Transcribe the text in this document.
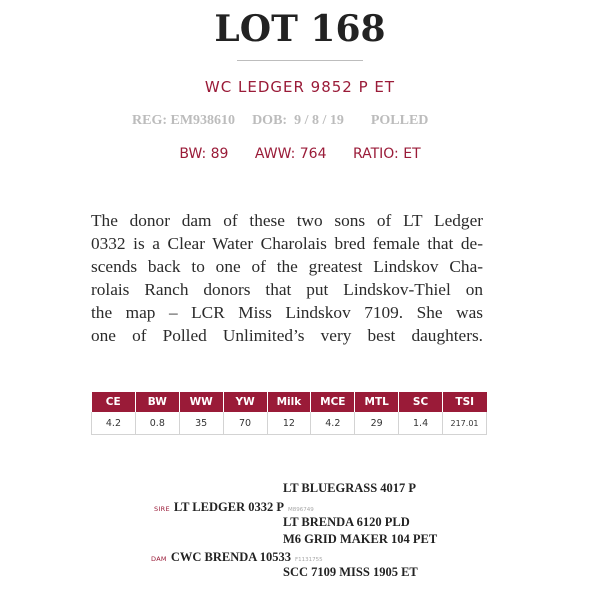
LOT 168
WC LEDGER 9852 P ET
REG: EM938610 DOB:  9 / 8 / 19 POLLED
BW: 89 AWW: 764 RATIO: ET
The donor dam of these two sons of LT Ledger
0332 is a Clear Water Charolais bred female that de-
scends back to one of the greatest Lindskov Cha-
rolais Ranch donors that put Lindskov-Thiel on
the map – LCR Miss Lindskov 7109. She was
one of Polled Unlimited’s very best daughters.
CE	BW	WW	YW	Milk	MCE	MTL	SC	TSI
4.2	0.8	35	70	12	4.2	29	1.4	217.01
LT BLUEGRASS 4017 P
SIRE LT LEDGER 0332 P M896749
LT BRENDA 6120 PLD
M6 GRID MAKER 104 PET
DAM CWC BRENDA 10533 F1131755
SCC 7109 MISS 1905 ET
